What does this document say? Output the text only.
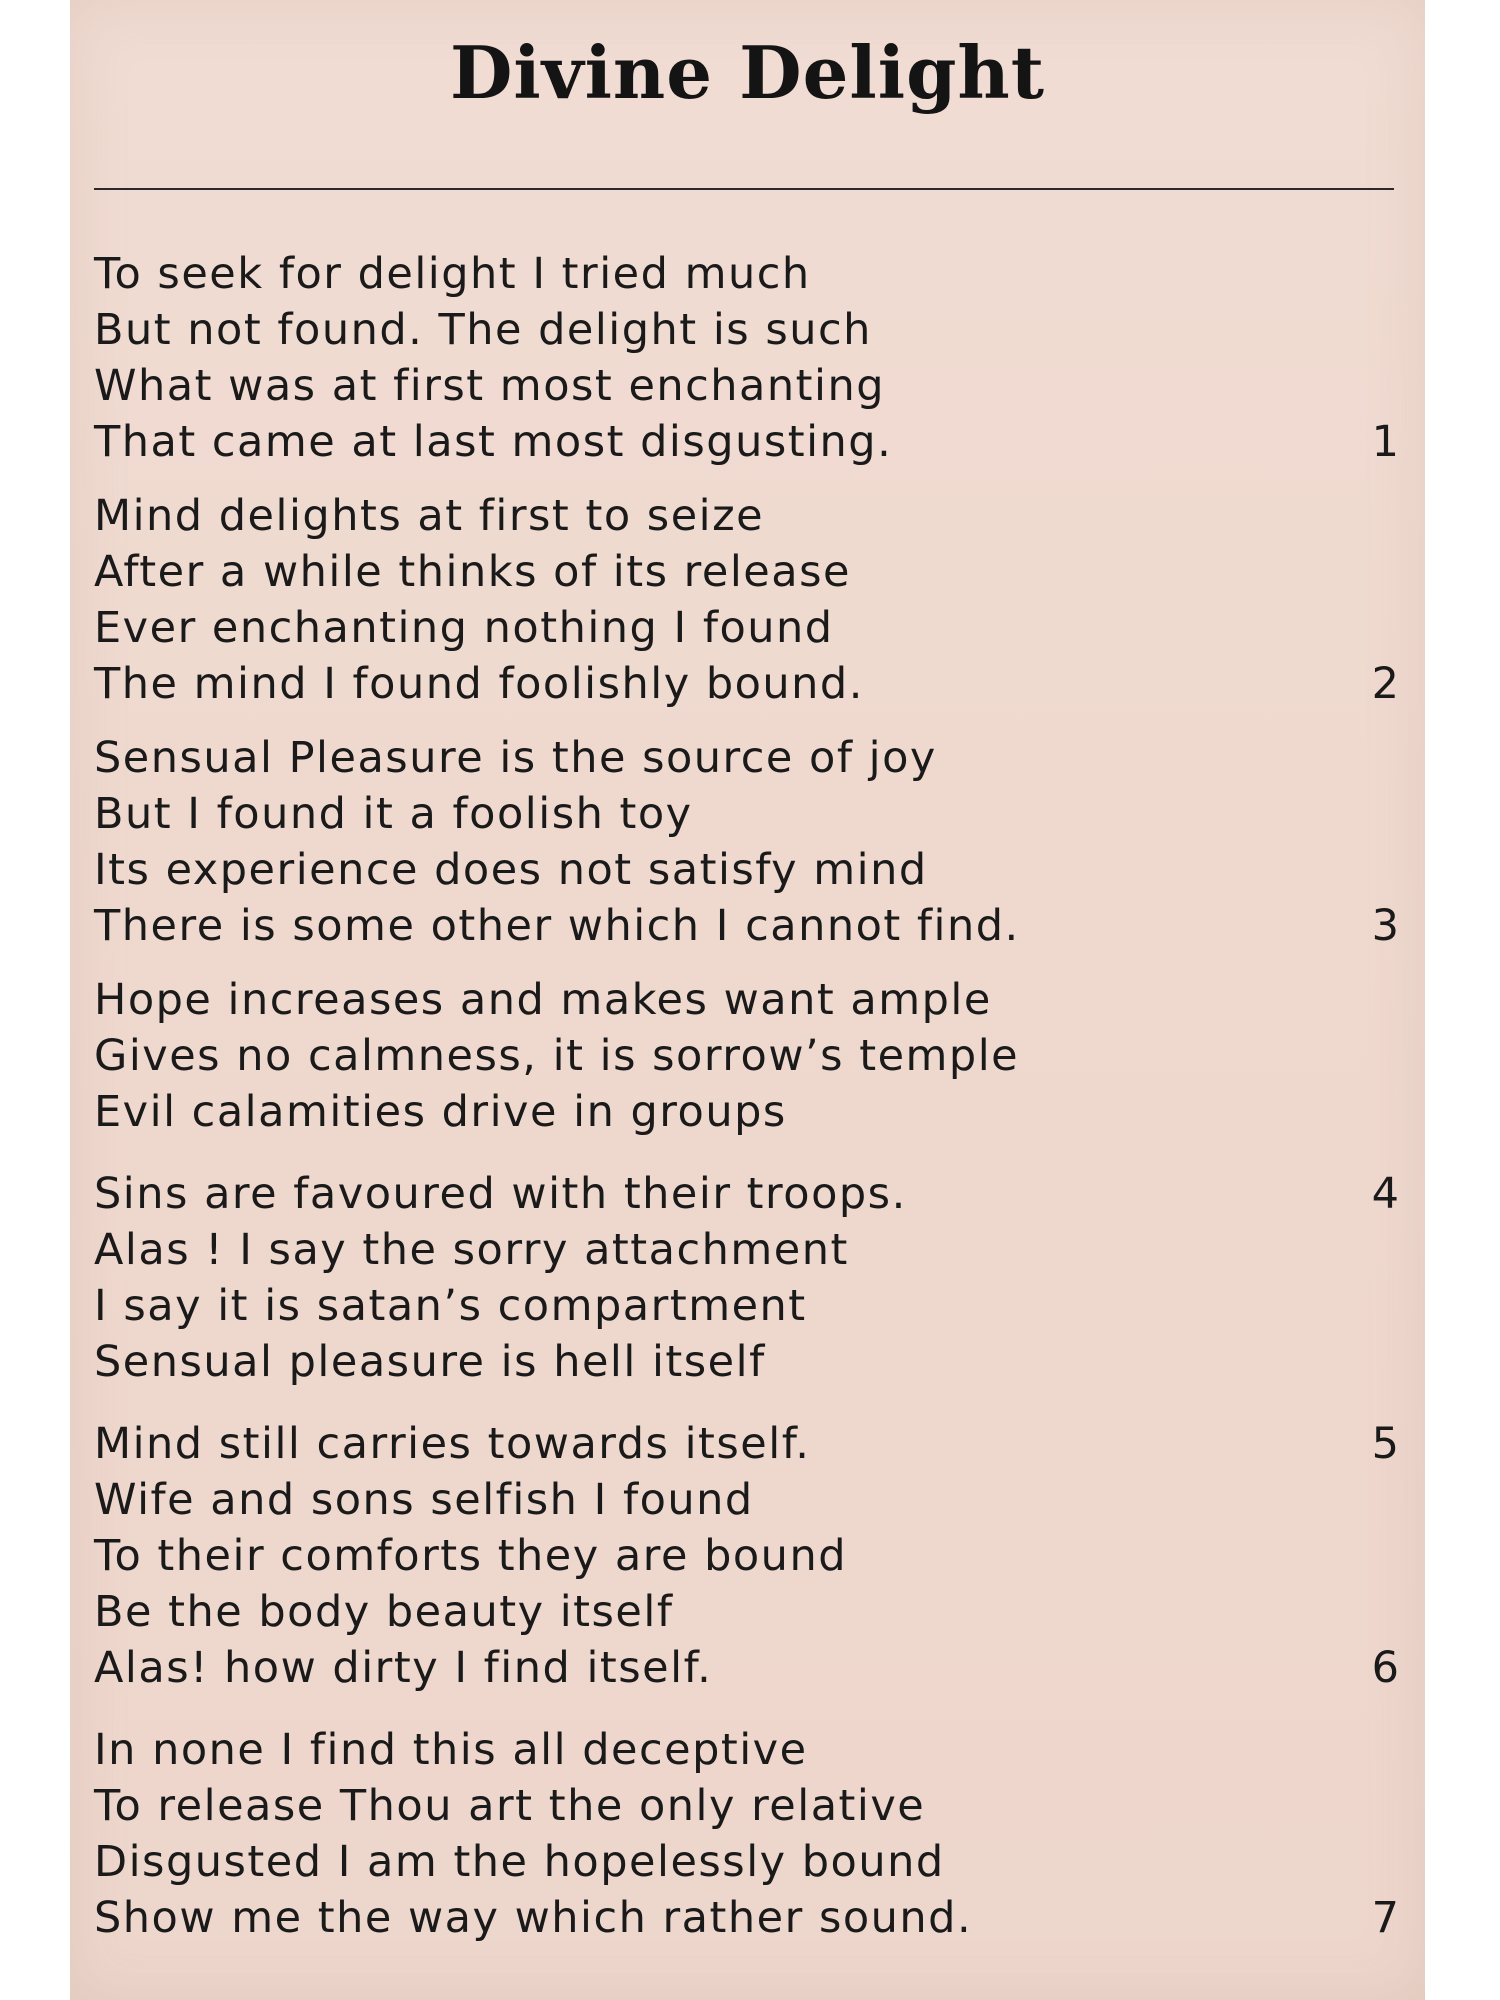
Divine Delight
To seek for delight I tried much
But not found. The delight is such
What was at first most enchanting
That came at last most disgusting.	1
Mind delights at first to seize
After a while thinks of its release
Ever enchanting nothing I found
The mind I found foolishly bound.	2
Sensual Pleasure is the source of joy
But I found it a foolish toy
Its experience does not satisfy mind
There is some other which I cannot find.	3
Hope increases and makes want ample
Gives no calmness, it is sorrow’s temple
Evil calamities drive in groups
Sins are favoured with their troops.	4
Alas ! I say the sorry attachment
I say it is satan’s compartment
Sensual pleasure is hell itself
Mind still carries towards itself.	5
Wife and sons selfish I found
To their comforts they are bound
Be the body beauty itself
Alas! how dirty I find itself.	6
In none I find this all deceptive
To release Thou art the only relative
Disgusted I am the hopelessly bound
Show me the way which rather sound.	7
